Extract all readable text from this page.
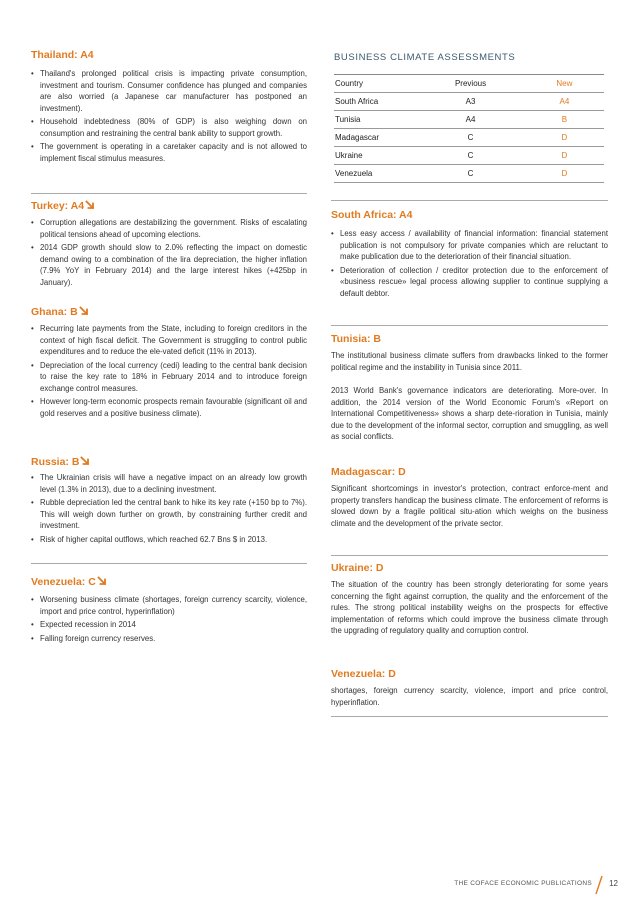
Thailand: A4
• Thailand's prolonged political crisis is impacting private consumption, investment and tourism. Consumer confidence has plunged and companies are also worried (a Japanese car manufacturer has postponed an investment).
• Household indebtedness (80% of GDP) is also weighing down on consumption and restraining the central bank ability to support growth.
• The government is operating in a caretaker capacity and is not allowed to implement fiscal stimulus measures.
Turkey: A4
• Corruption allegations are destabilizing the government. Risks of escalating political tensions ahead of upcoming elections.
• 2014 GDP growth should slow to 2.0% reflecting the impact on domestic demand owing to a combination of the lira depreciation, the higher inflation (7.9% YoY in February 2014) and the large interest hikes (+425bp in January).
Ghana: B
• Recurring late payments from the State, including to foreign creditors in the context of high fiscal deficit. The Government is struggling to control public expenditures and to reduce the ele-vated deficit (11% in 2013).
• Depreciation of the local currency (cedi) leading to the central bank decision to raise the key rate to 18% in February 2014 and to introduce foreign exchange control measures.
• However long-term economic prospects remain favourable (significant oil and gold reserves and a positive business climate).
Russia: B
• The Ukrainian crisis will have a negative impact on an already low growth level (1.3% in 2013), due to a declining investment.
• Rubble depreciation led the central bank to hike its key rate (+150 bp to 7%). This will weigh down further on growth, by constraining further credit and investment.
• Risk of higher capital outflows, which reached 62.7 Bns $ in 2013.
Venezuela: C
• Worsening business climate (shortages, foreign currency scarcity, violence, import and price control, hyperinflation)
• Expected recession in 2014
• Falling foreign currency reserves.
BUSINESS CLIMATE ASSESSMENTS
Country	Previous	New
South Africa	A3	A4
Tunisia	A4	B
Madagascar	C	D
Ukraine	C	D
Venezuela	C	D
South Africa: A4
• Less easy access / availability of financial information: financial statement publication is not compulsory for private companies which are reluctant to make publication due to the deterioration of their financial situation.
• Deterioration of collection / creditor protection due to the enforcement of «business rescue» legal process allowing supplier to continue supplying a default debtor.
Tunisia: B

The institutional business climate suffers from drawbacks linked to the former political regime and the instability in Tunisia since 2011.

2013 World Bank's governance indicators are deteriorating. More-over. In addition, the 2014 version of the World Economic Forum's «Report on International Competitiveness» shows a sharp dete-rioration in Tunisia, mainly due to the development of the informal sector, corruption and smuggling, as well as social conflicts.

Madagascar: D

Significant shortcomings in investor's protection, contract enforce-ment and property transfers handicap the business climate. The enforcement of reforms is slowed down by a fragile political situ-ation which weighs on the business climate and the development of the private sector.

Ukraine: D

The situation of the country has been strongly deteriorating for some years concerning the fight against corruption, the quality and the enforcement of the rules. The strong political instability weighs on the prospects for effective implementation of reforms which could improve the business climate through the upgrading of regulatory quality and corruption control.

Venezuela: D

shortages, foreign currency scarcity, violence, import and price control, hyperinflation.

THE COFACE ECONOMIC PUBLICATIONS 12
